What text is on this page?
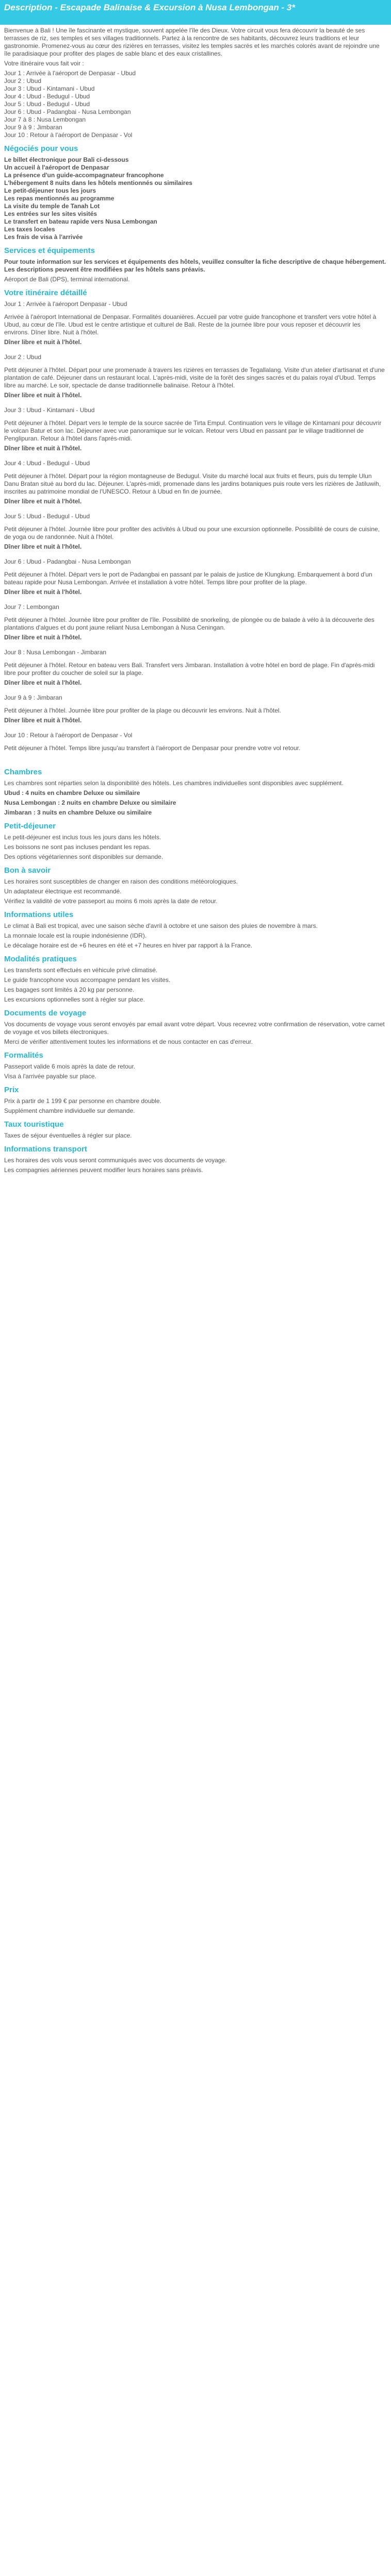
Description - Escapade Balinaise & Excursion à Nusa Lembongan - 3*

Bienvenue à Bali ! Une île fascinante et mystique, souvent appelée l'île des Dieux. Votre circuit vous fera découvrir la beauté de ses terrasses de riz, ses temples et ses villages traditionnels. Partez à la rencontre de ses habitants, découvrez leurs traditions et leur gastronomie. Promenez-vous au cœur des rizières en terrasses, visitez les temples sacrés et les marchés colorés avant de rejoindre une île paradisiaque pour profiter des plages de sable blanc et des eaux cristallines.

Votre itinéraire vous fait voir :

Jour 1 : Arrivée à l'aéroport de Denpasar - Ubud

Jour 2 : Ubud

Jour 3 : Ubud - Kintamani - Ubud

Jour 4 : Ubud - Bedugul - Ubud

Jour 5 : Ubud - Bedugul - Ubud

Jour 6 : Ubud - Padangbai - Nusa Lembongan

Jour 7 à 8 : Nusa Lembongan

Jour 9 à 9 : Jimbaran

Jour 10 : Retour à l'aéroport de Denpasar - Vol

Négociés pour vous

Le billet électronique pour Bali ci-dessous

Un accueil à l'aéroport de Denpasar

La présence d'un guide-accompagnateur francophone

L'hébergement 8 nuits dans les hôtels mentionnés ou similaires

Le petit-déjeuner tous les jours

Les repas mentionnés au programme

La visite du temple de Tanah Lot

Les entrées sur les sites visités

Le transfert en bateau rapide vers Nusa Lembongan

Les taxes locales

Les frais de visa à l'arrivée

Services et équipements

Pour toute information sur les services et équipements des hôtels, veuillez consulter la fiche descriptive de chaque hébergement. Les descriptions peuvent être modifiées par les hôtels sans préavis.

Aéroport de Bali (DPS), terminal international.

Votre itinéraire détaillé

Jour 1 : Arrivée à l'aéroport Denpasar - Ubud

Arrivée à l'aéroport International de Denpasar. Formalités douanières. Accueil par votre guide francophone et transfert vers votre hôtel à Ubud, au cœur de l'île. Ubud est le centre artistique et culturel de Bali. Reste de la journée libre pour vous reposer et découvrir les environs. Dîner libre. Nuit à l'hôtel.

Dîner libre et nuit à l'hôtel.

Jour 2 : Ubud

Petit déjeuner à l'hôtel. Départ pour une promenade à travers les rizières en terrasses de Tegallalang. Visite d'un atelier d'artisanat et d'une plantation de café. Déjeuner dans un restaurant local. L'après-midi, visite de la forêt des singes sacrés et du palais royal d'Ubud. Temps libre au marché. Le soir, spectacle de danse traditionnelle balinaise. Retour à l'hôtel.

Dîner libre et nuit à l'hôtel.

Jour 3 : Ubud - Kintamani - Ubud

Petit déjeuner à l'hôtel. Départ vers le temple de la source sacrée de Tirta Empul. Continuation vers le village de Kintamani pour découvrir le volcan Batur et son lac. Déjeuner avec vue panoramique sur le volcan. Retour vers Ubud en passant par le village traditionnel de Penglipuran. Retour à l'hôtel dans l'après-midi.

Dîner libre et nuit à l'hôtel.

Jour 4 : Ubud - Bedugul - Ubud

Petit déjeuner à l'hôtel. Départ pour la région montagneuse de Bedugul. Visite du marché local aux fruits et fleurs, puis du temple Ulun Danu Bratan situé au bord du lac. Déjeuner. L'après-midi, promenade dans les jardins botaniques puis route vers les rizières de Jatiluwih, inscrites au patrimoine mondial de l'UNESCO. Retour à Ubud en fin de journée.

Dîner libre et nuit à l'hôtel.

Jour 5 : Ubud - Bedugul - Ubud

Petit déjeuner à l'hôtel. Journée libre pour profiter des activités à Ubud ou pour une excursion optionnelle. Possibilité de cours de cuisine, de yoga ou de randonnée. Nuit à l'hôtel.

Dîner libre et nuit à l'hôtel.

Jour 6 : Ubud - Padangbai - Nusa Lembongan

Petit déjeuner à l'hôtel. Départ vers le port de Padangbai en passant par le palais de justice de Klungkung. Embarquement à bord d'un bateau rapide pour Nusa Lembongan. Arrivée et installation à votre hôtel. Temps libre pour profiter de la plage.

Dîner libre et nuit à l'hôtel.

Jour 7 : Lembongan

Petit déjeuner à l'hôtel. Journée libre pour profiter de l'île. Possibilité de snorkeling, de plongée ou de balade à vélo à la découverte des plantations d'algues et du pont jaune reliant Nusa Lembongan à Nusa Ceningan.

Dîner libre et nuit à l'hôtel.

Jour 8 : Nusa Lembongan - Jimbaran

Petit déjeuner à l'hôtel. Retour en bateau vers Bali. Transfert vers Jimbaran. Installation à votre hôtel en bord de plage. Fin d'après-midi libre pour profiter du coucher de soleil sur la plage.

Dîner libre et nuit à l'hôtel.

Jour 9 à 9 : Jimbaran

Petit déjeuner à l'hôtel. Journée libre pour profiter de la plage ou découvrir les environs. Nuit à l'hôtel.

Dîner libre et nuit à l'hôtel.

Jour 10 : Retour à l'aéroport de Denpasar - Vol

Petit déjeuner à l'hôtel. Temps libre jusqu'au transfert à l'aéroport de Denpasar pour prendre votre vol retour.

Chambres

Les chambres sont réparties selon la disponibilité des hôtels. Les chambres individuelles sont disponibles avec supplément.

Ubud : 4 nuits en chambre Deluxe ou similaire

Nusa Lembongan : 2 nuits en chambre Deluxe ou similaire

Jimbaran : 3 nuits en chambre Deluxe ou similaire

Petit-déjeuner

Le petit-déjeuner est inclus tous les jours dans les hôtels.

Les boissons ne sont pas incluses pendant les repas.

Des options végétariennes sont disponibles sur demande.

Bon à savoir

Les horaires sont susceptibles de changer en raison des conditions météorologiques.

Un adaptateur électrique est recommandé.

Vérifiez la validité de votre passeport au moins 6 mois après la date de retour.

Informations utiles

Le climat à Bali est tropical, avec une saison sèche d'avril à octobre et une saison des pluies de novembre à mars.

La monnaie locale est la roupie indonésienne (IDR).

Le décalage horaire est de +6 heures en été et +7 heures en hiver par rapport à la France.

Modalités pratiques

Les transferts sont effectués en véhicule privé climatisé.

Le guide francophone vous accompagne pendant les visites.

Les bagages sont limités à 20 kg par personne.

Les excursions optionnelles sont à régler sur place.

Documents de voyage

Vos documents de voyage vous seront envoyés par email avant votre départ. Vous recevrez votre confirmation de réservation, votre carnet de voyage et vos billets électroniques.

Merci de vérifier attentivement toutes les informations et de nous contacter en cas d'erreur.

Formalités

Passeport valide 6 mois après la date de retour.

Visa à l'arrivée payable sur place.

Prix

Prix à partir de 1 199 € par personne en chambre double.

Supplément chambre individuelle sur demande.

Taux touristique

Taxes de séjour éventuelles à régler sur place.

Informations transport

Les horaires des vols vous seront communiqués avec vos documents de voyage.

Les compagnies aériennes peuvent modifier leurs horaires sans préavis.
